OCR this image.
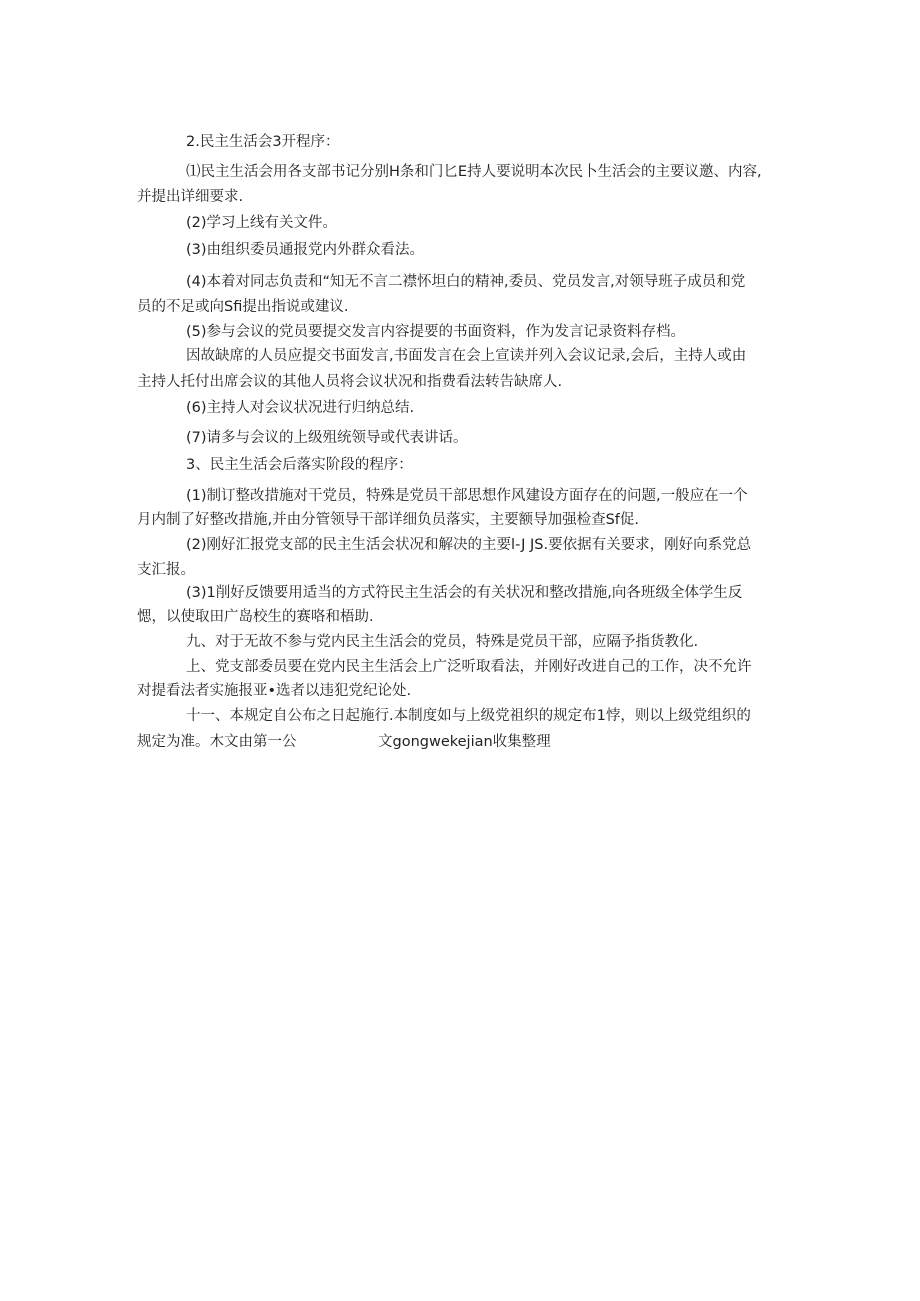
2.民主生活会3开程序：
⑴民主生活会用各支部书记分别H条和门匕E持人要说明本次民卜生活会的主要议邀、内容,
并提出详细要求.
(2)学习上线有关文件。
(3)由组织委员通报党内外群众看法。
(4)本着对同志负责和“知无不言二襟怀坦白的精神,委员、党员发言,对领导班子成员和党
员的不足或向Sfi提出指说或建议.
(5)参与会议的党员要提交发言内容提要的书面资料，作为发言记录资料存档。
因故缺席的人员应提交书面发言,书面发言在会上宣读并列入会议记录,会后，主持人或由
主持人托付出席会议的其他人员将会议状况和指费看法转告缺席人.
(6)主持人对会议状况进行归纳总结.
(7)请多与会议的上级殂统领导或代表讲话。
3、民主生活会后落实阶段的程序：
(1)制订整改措施对干党员，特殊是党员干部思想作风建设方面存在的问题,一般应在一个
月内制了好整改措施,并由分管领导干部详细负员落实，主要额导加强检查Sf促.
(2)刚好汇报党支部的民主生活会状况和解决的主要l-J JS.要依据有关要求，刚好向系党总
支汇报。
(3)1削好反馈要用适当的方式符民主生活会的有关状况和整改措施,向各班级全体学生反
愢，以使取田广岛校生的赛咯和梧助.
九、对于无故不参与党内民主生活会的党员，特殊是党员干部，应隔予指货教化.
上、党支部委员要在党内民主生活会上广泛听取看法，并刚好改进自己的工作，决不允许
对提看法者实施报亚•选者以违犯党纪论处.
十一、本规定自公布之日起施行.本制度如与上级党祖织的规定布1悖，则以上级党组织的
规定为准。木文由第一公	文gongwekejian收集整理
